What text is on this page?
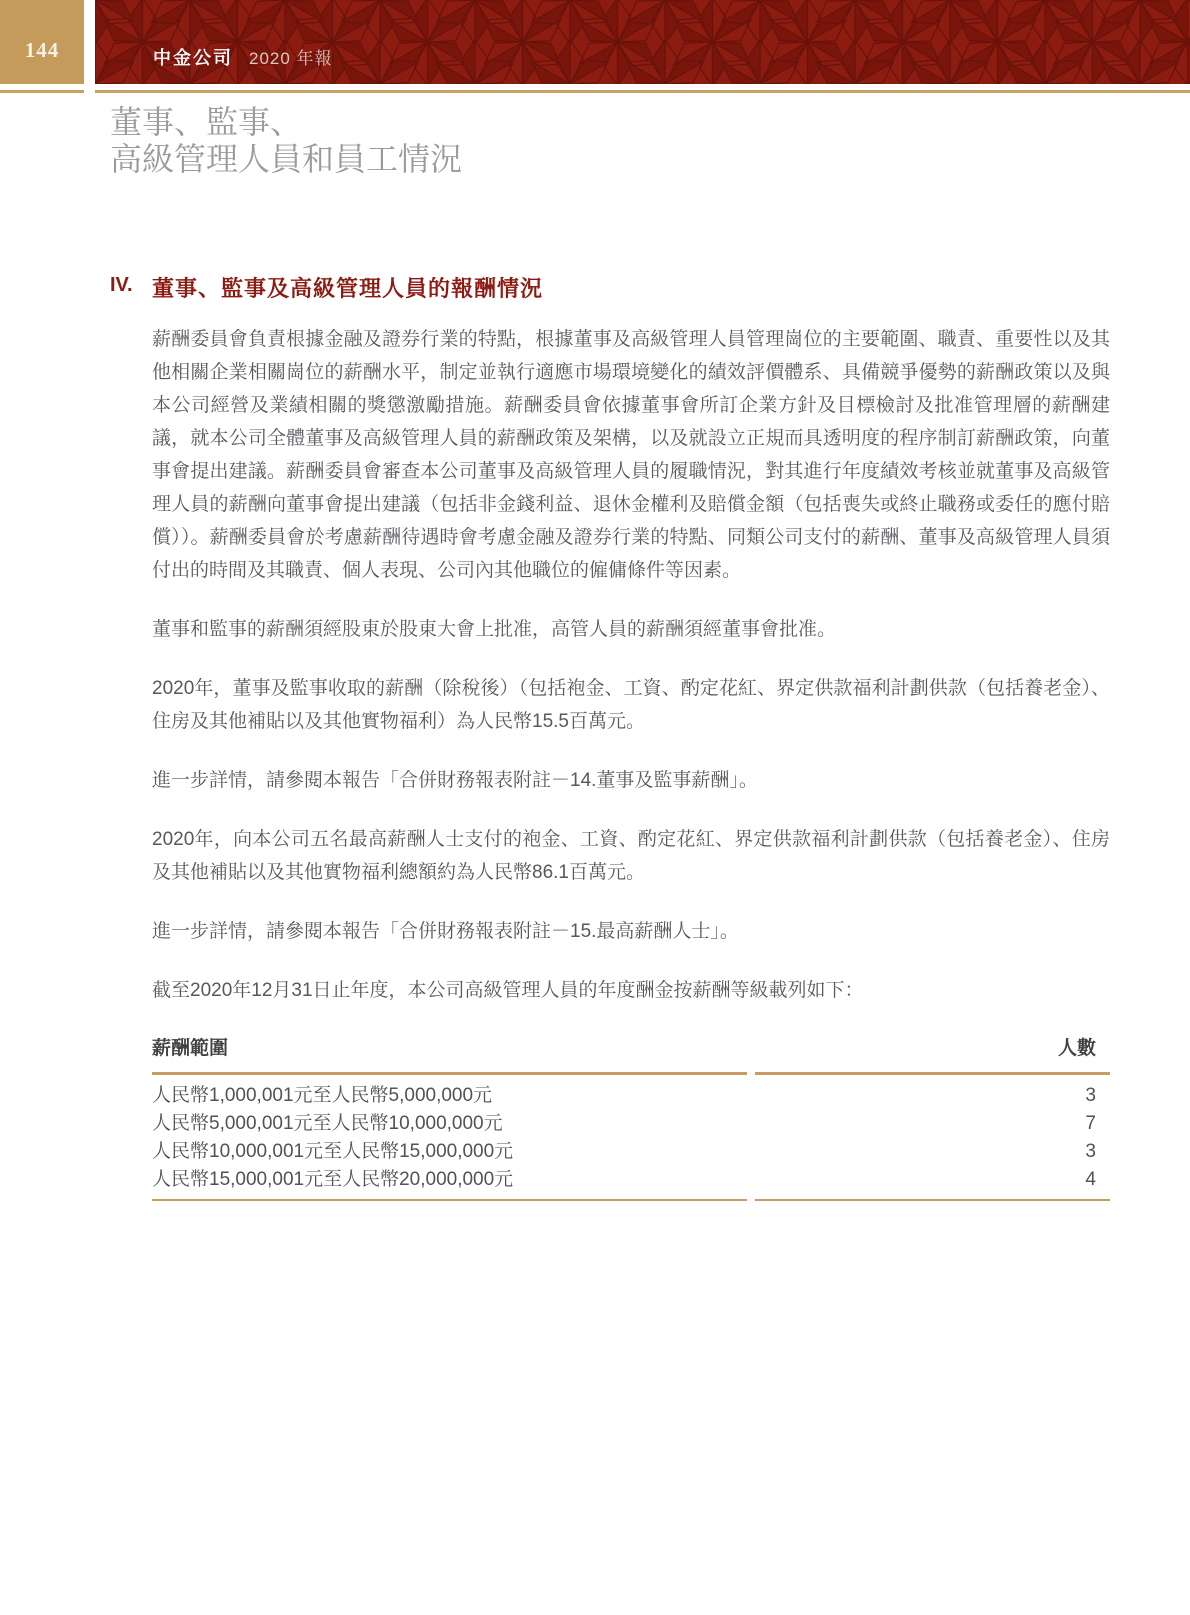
144	中金公司 2020 年報
董事、監事、
高級管理人員和員工情況
IV. 董事、監事及高級管理人員的報酬情況

薪酬委員會負責根據金融及證券行業的特點，根據董事及高級管理人員管理崗位的主要範圍、職責、重要性以及其他相關企業相關崗位的薪酬水平，制定並執行適應市場環境變化的績效評價體系、具備競爭優勢的薪酬政策以及與本公司經營及業績相關的獎懲激勵措施。薪酬委員會依據董事會所訂企業方針及目標檢討及批准管理層的薪酬建議，就本公司全體董事及高級管理人員的薪酬政策及架構，以及就設立正規而具透明度的程序制訂薪酬政策，向董事會提出建議。薪酬委員會審查本公司董事及高級管理人員的履職情況，對其進行年度績效考核並就董事及高級管理人員的薪酬向董事會提出建議（包括非金錢利益、退休金權利及賠償金額（包括喪失或終止職務或委任的應付賠償））。薪酬委員會於考慮薪酬待遇時會考慮金融及證券行業的特點、同類公司支付的薪酬、董事及高級管理人員須付出的時間及其職責、個人表現、公司內其他職位的僱傭條件等因素。

董事和監事的薪酬須經股東於股東大會上批准，高管人員的薪酬須經董事會批准。

2020年，董事及監事收取的薪酬（除稅後）（包括袍金、工資、酌定花紅、界定供款福利計劃供款（包括養老金）、住房及其他補貼以及其他實物福利）為人民幣15.5百萬元。

進一步詳情，請參閱本報告「合併財務報表附註－14.董事及監事薪酬」。

2020年，向本公司五名最高薪酬人士支付的袍金、工資、酌定花紅、界定供款福利計劃供款（包括養老金）、住房及其他補貼以及其他實物福利總額約為人民幣86.1百萬元。

進一步詳情，請參閱本報告「合併財務報表附註－15.最高薪酬人士」。

截至2020年12月31日止年度，本公司高級管理人員的年度酬金按薪酬等級載列如下：

薪酬範圍	人數
人民幣1,000,001元至人民幣5,000,000元	3
人民幣5,000,001元至人民幣10,000,000元	7
人民幣10,000,001元至人民幣15,000,000元	3
人民幣15,000,001元至人民幣20,000,000元	4
